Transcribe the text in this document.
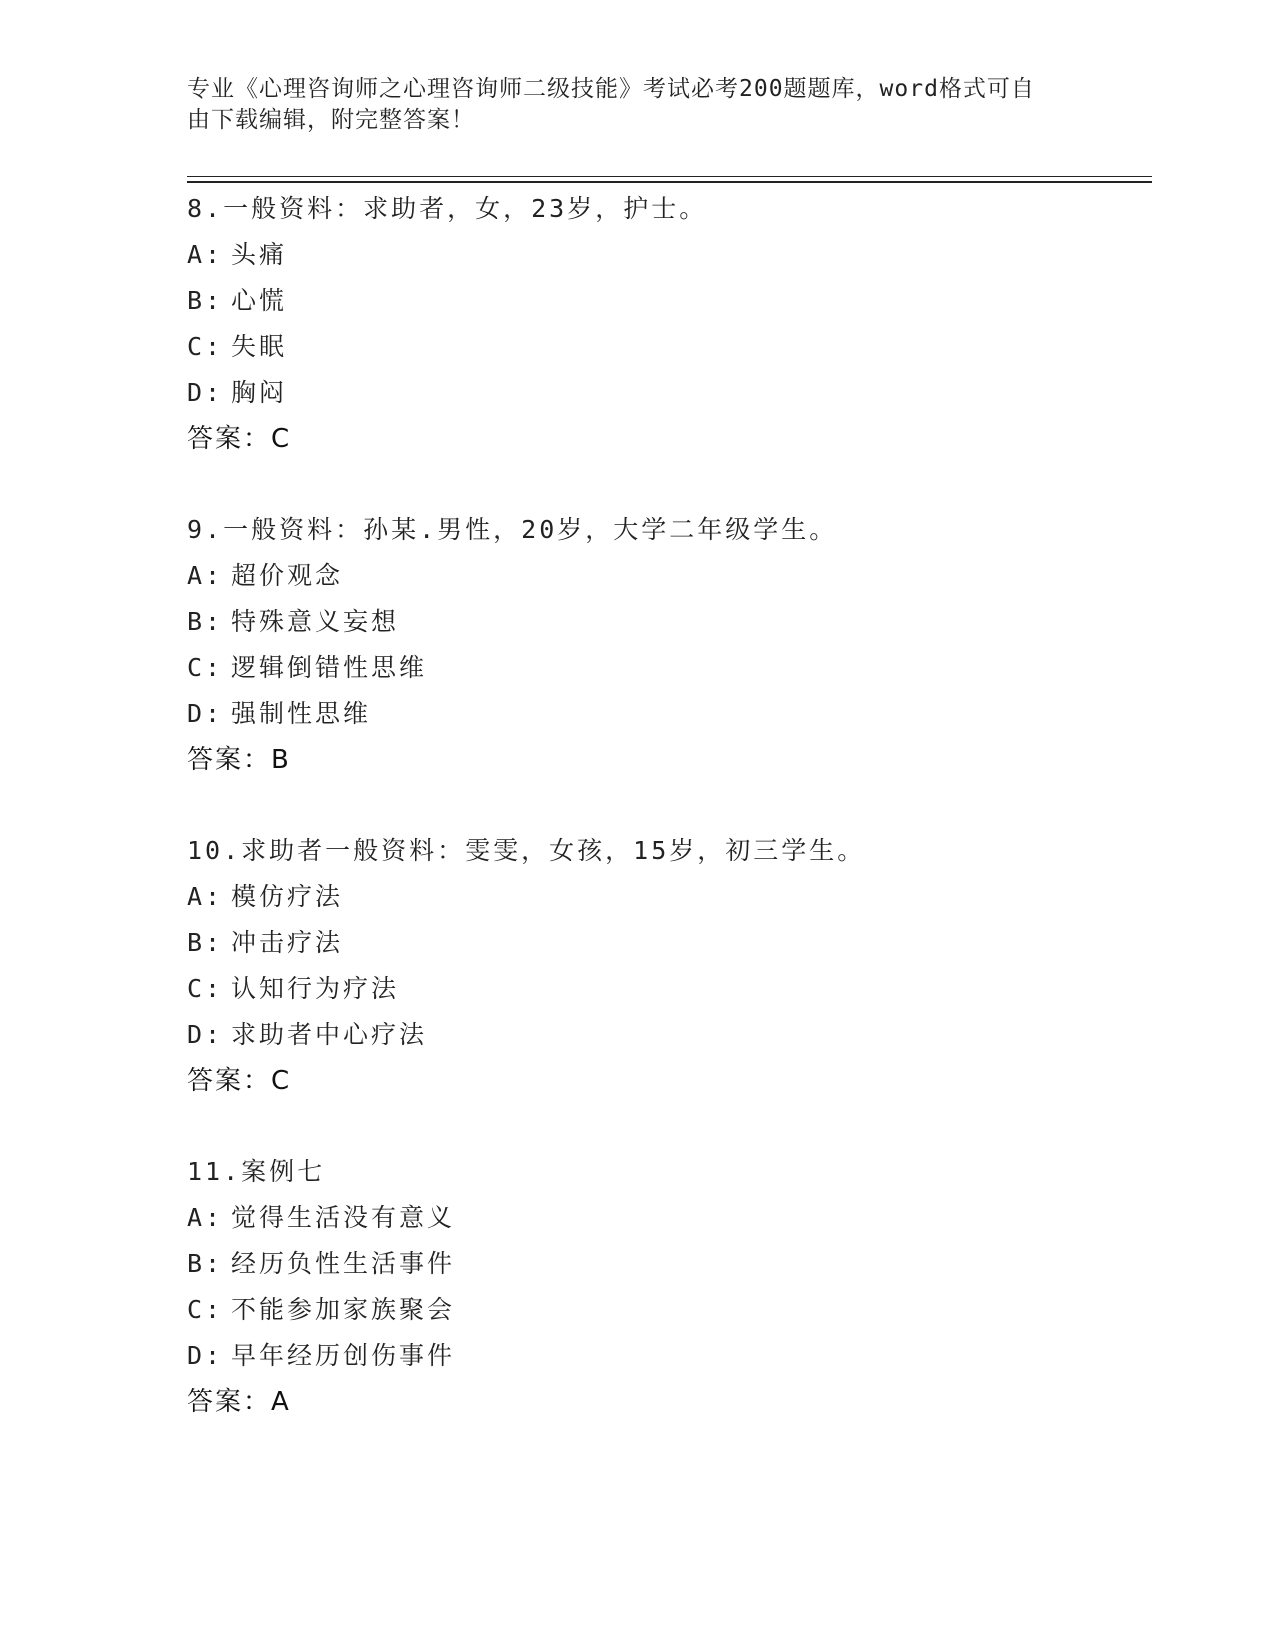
专业《心理咨询师之心理咨询师二级技能》考试必考200题题库，word格式可自
由下载编辑，附完整答案！
8.一般资料：求助者，女，23岁，护士。
A: 头痛
B: 心慌
C: 失眠
D: 胸闷
答案：C
9.一般资料：孙某.男性，20岁，大学二年级学生。
A: 超价观念
B: 特殊意义妄想
C: 逻辑倒错性思维
D: 强制性思维
答案：B
10.求助者一般资料：雯雯，女孩，15岁，初三学生。
A: 模仿疗法
B: 冲击疗法
C: 认知行为疗法
D: 求助者中心疗法
答案：C
11.案例七
A: 觉得生活没有意义
B: 经历负性生活事件
C: 不能参加家族聚会
D: 早年经历创伤事件
答案：A
